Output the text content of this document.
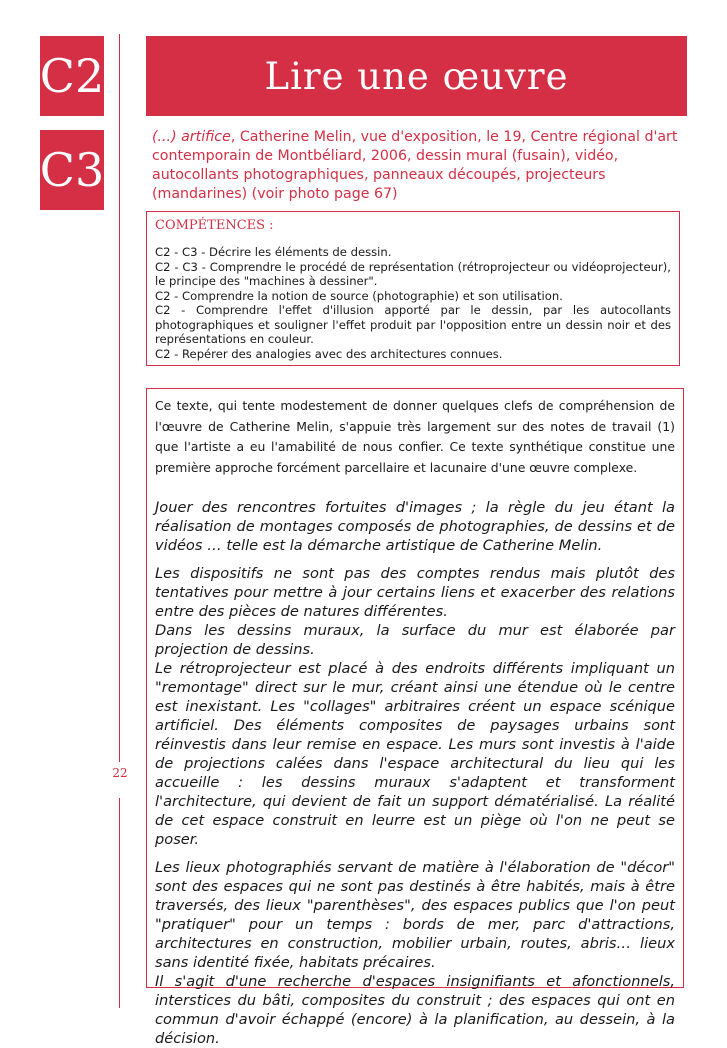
C2
C3
22
Lire une œuvre
(...) artifice, Catherine Melin, vue d'exposition, le 19, Centre régional d'art contemporain de Montbéliard, 2006, dessin mural (fusain), vidéo, autocollants photographiques, panneaux découpés, projecteurs (mandarines) (voir photo page 67)
COMPÉTENCES :
C2 - C3 - Décrire les éléments de dessin.
C2 - C3 - Comprendre le procédé de représentation (rétroprojecteur ou vidéoprojecteur), le principe des "machines à dessiner".
C2 - Comprendre la notion de source (photographie) et son utilisation.
C2 - Comprendre l'effet d'illusion apporté par le dessin, par les autocollants photographiques et souligner l'effet produit par l'opposition entre un dessin noir et des représentations en couleur.
C2 - Repérer des analogies avec des architectures connues.
Ce texte, qui tente modestement de donner quelques clefs de compréhension de l'œuvre de Catherine Melin, s'appuie très largement sur des notes de travail (1) que l'artiste a eu l'amabilité de nous confier. Ce texte synthétique constitue une première approche forcément parcellaire et lacunaire d'une œuvre complexe.
Jouer des rencontres fortuites d'images ; la règle du jeu étant la réalisation de montages composés de photographies, de dessins et de vidéos … telle est la démarche artistique de Catherine Melin.
Les dispositifs ne sont pas des comptes rendus mais plutôt des tentatives pour mettre à jour certains liens et exacerber des relations entre des pièces de natures différentes.
Dans les dessins muraux, la surface du mur est élaborée par projection de dessins.
Le rétroprojecteur est placé à des endroits différents impliquant un "remontage" direct sur le mur, créant ainsi une étendue où le centre est inexistant. Les "collages" arbitraires créent un espace scénique artificiel. Des éléments composites de paysages urbains sont réinvestis dans leur remise en espace. Les murs sont investis à l'aide de projections calées dans l'espace architectural du lieu qui les accueille : les dessins muraux s'adaptent et transforment l'architecture, qui devient de fait un support dématérialisé. La réalité de cet espace construit en leurre est un piège où l'on ne peut se poser.
Les lieux photographiés servant de matière à l'élaboration de "décor" sont des espaces qui ne sont pas destinés à être habités, mais à être traversés, des lieux "parenthèses", des espaces publics que l'on peut "pratiquer" pour un temps : bords de mer, parc d'attractions, architectures en construction, mobilier urbain, routes, abris… lieux sans identité fixée, habitats précaires.
Il s'agit d'une recherche d'espaces insignifiants et afonctionnels, interstices du bâti, composites du construit ; des espaces qui ont en commun d'avoir échappé (encore) à la planification, au dessein, à la décision.
